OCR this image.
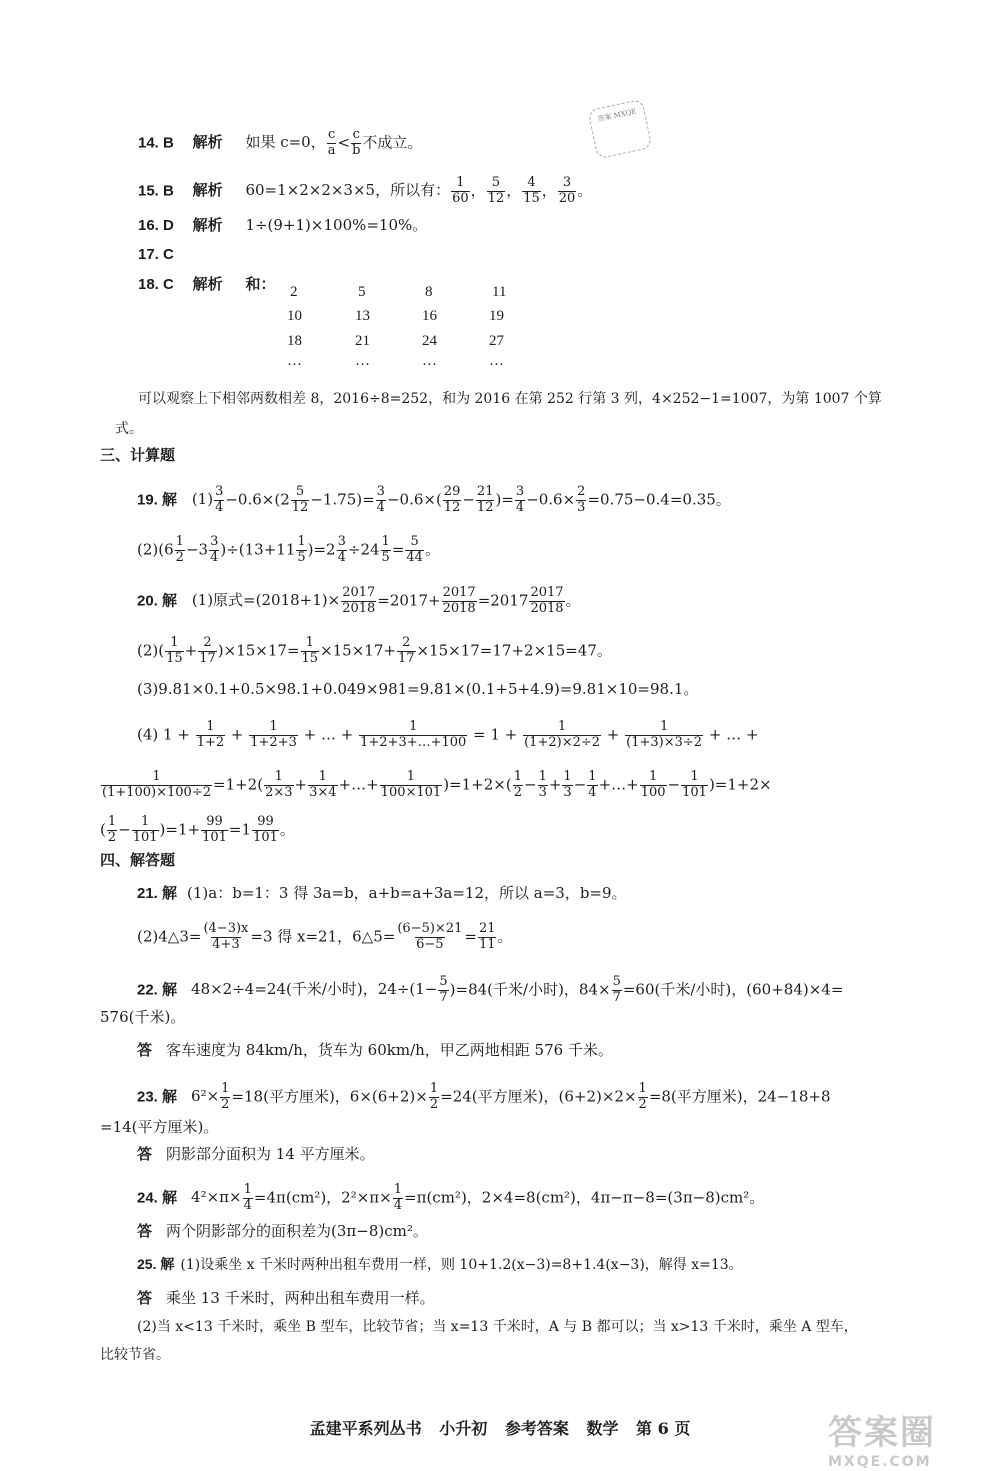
答案 MXQE
14. B 解析 如果 c=0， $\frac{c}{a} < \frac{c}{b}$ 不成立。
15. B 解析 60=1×2×2×3×5，所以有： $\frac{1}{60}$ ， $\frac{5}{12}$ ， $\frac{4}{15}$ ， $\frac{3}{20}$ 。
16. D 解析 1÷(9+1)×100%=10%。
17. C
18. C 解析 和： 2	5	8	11
10	13	16	19
18	21	24	27
…	…	…	…
可以观察上下相邻两数相差 8，2016÷8=252，和为 2016 在第 252 行第 3 列，4×252−1=1007，为第 1007 个算
式。
三、计算题
19. 解 $(1) \frac{3}{4} -0.6\times(2 \frac{5}{12} -1.75)= \frac{3}{4} -0.6\times( \frac{29}{12} - \frac{21}{12}$ )= $\frac{3}{4} -0.6\times \frac{2}{3} =0.75-0.4=0.35$。
$(2)(6 \frac{1}{2} -3 \frac{3}{4} )\div(13+11 \frac{1}{5} )=2 \frac{3}{4} \div 24 \frac{1}{5} = \frac{5}{44}$ 。
20. 解 (1)原式$=(2018+1)\times \frac{2017}{2018} =2017+ \frac{2017}{2018} =2017 \frac{2017}{2018}$ 。
$(2)( \frac{1}{15} + \frac{2}{17} )\times 15\times 17= \frac{1}{15} \times 15\times 17+ \frac{2}{17} \times 15\times 17=17+2\times 15=47$。
(3)9.81×0.1+0.5×98.1+0.049×981=9.81×(0.1+5+4.9)=9.81×10=98.1。
(4) $1 + \frac{1}{1+2} + \frac{1}{1+2+3}$ + … + $\frac{1}{1+2+3+\dots+100} = 1 + \frac{1}{(1+2)\times 2\div 2} + \frac{1}{(1+3)\times 3\div 2}$ + … +
$\frac{1}{(1+100)\times 100\div 2} =1+2( \frac{1}{2\times 3} + \frac{1}{3\times 4}$ +…+ $\frac{1}{100\times 101} )=1+2\times( \frac{1}{2} - \frac{1}{3} + \frac{1}{3} - \frac{1}{4}$ +…+ $\frac{1}{100} - \frac{1}{101} )=1+2\times$
( $\frac{1}{2} - \frac{1}{101} )=1+ \frac{99}{101} =1 \frac{99}{101}$ 。
四、解答题
21. 解 (1)a：b=1：3 得 3a=b，a+b=a+3a=12，所以 a=3，b=9。
(2)4△3= $\frac{(4-3)x}{4+3} =3$ 得 x=21，6△5= $\frac{(6-5)\times 21}{6-5} = \frac{21}{11}$ 。
22. 解 48×2÷4=24(千米/小时)，$24\div(1- \frac{5}{7} )=84$(千米/小时)，$84\times \frac{5}{7} =60$(千米/小时)，(60+84)×4=
576(千米)。
答 客车速度为 84km/h，货车为 60km/h，甲乙两地相距 576 千米。
23. 解 $6^2\times \frac{1}{2} =18$(平方厘米)，$6\times(6+2)\times \frac{1}{2} =24$(平方厘米)，$(6+2)\times 2\times \frac{1}{2} =8$(平方厘米)，24−18+8
=14(平方厘米)。
答 阴影部分面积为 14 平方厘米。
24. 解 $4^2\times\pi\times \frac{1}{4} =4\pi(cm^2)$，$2^2\times\pi\times \frac{1}{4} =\pi(cm^2)$，2×4=8(cm²)，4π−π−8=(3π−8)cm²。
答 两个阴影部分的面积差为(3π−8)cm²。
25. 解 (1)设乘坐 x 千米时两种出租车费用一样，则 10+1.2(x−3)=8+1.4(x−3)，解得 x=13。
答 乘坐 13 千米时，两种出租车费用一样。
(2)当 x<13 千米时，乘坐 B 型车，比较节省；当 x=13 千米时，A 与 B 都可以；当 x>13 千米时，乘坐 A 型车，
比较节省。
孟建平系列丛书 小升初 参考答案 数学 第 6 页	答案圈
MXQE.COM
